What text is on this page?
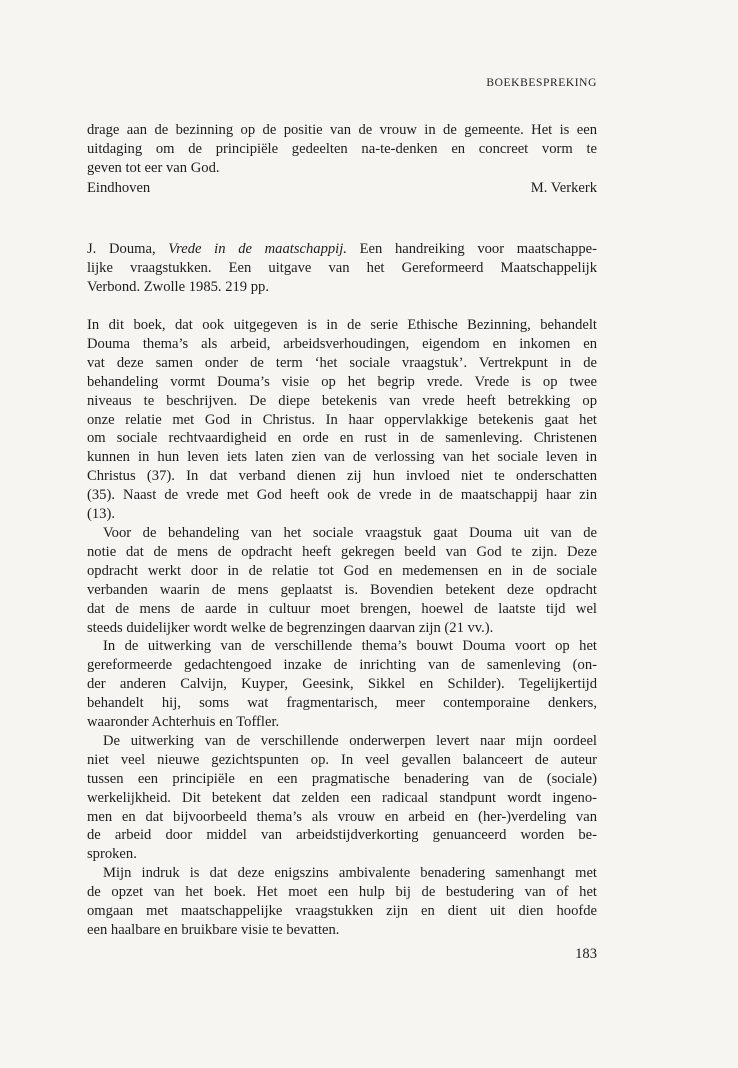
BOEKBESPREKING
drage aan de bezinning op de positie van de vrouw in de gemeente. Het is een
uitdaging om de principiële gedeelten na-te-denken en concreet vorm te
geven tot eer van God.
Eindhoven	M. Verkerk
J. Douma, Vrede in de maatschappij. Een handreiking voor maatschappe-
lijke vraagstukken. Een uitgave van het Gereformeerd Maatschappelijk
Verbond. Zwolle 1985. 219 pp.
In dit boek, dat ook uitgegeven is in de serie Ethische Bezinning, behandelt
Douma thema’s als arbeid, arbeidsverhoudingen, eigendom en inkomen en
vat deze samen onder de term ‘het sociale vraagstuk’. Vertrekpunt in de
behandeling vormt Douma’s visie op het begrip vrede. Vrede is op twee
niveaus te beschrijven. De diepe betekenis van vrede heeft betrekking op
onze relatie met God in Christus. In haar oppervlakkige betekenis gaat het
om sociale rechtvaardigheid en orde en rust in de samenleving. Christenen
kunnen in hun leven iets laten zien van de verlossing van het sociale leven in
Christus (37). In dat verband dienen zij hun invloed niet te onderschatten
(35). Naast de vrede met God heeft ook de vrede in de maatschappij haar zin
(13).
Voor de behandeling van het sociale vraagstuk gaat Douma uit van de
notie dat de mens de opdracht heeft gekregen beeld van God te zijn. Deze
opdracht werkt door in de relatie tot God en medemensen en in de sociale
verbanden waarin de mens geplaatst is. Bovendien betekent deze opdracht
dat de mens de aarde in cultuur moet brengen, hoewel de laatste tijd wel
steeds duidelijker wordt welke de begrenzingen daarvan zijn (21 vv.).
In de uitwerking van de verschillende thema’s bouwt Douma voort op het
gereformeerde gedachtengoed inzake de inrichting van de samenleving (on-
der anderen Calvijn, Kuyper, Geesink, Sikkel en Schilder). Tegelijkertijd
behandelt hij, soms wat fragmentarisch, meer contemporaine denkers,
waaronder Achterhuis en Toffler.
De uitwerking van de verschillende onderwerpen levert naar mijn oordeel
niet veel nieuwe gezichtspunten op. In veel gevallen balanceert de auteur
tussen een principiële en een pragmatische benadering van de (sociale)
werkelijkheid. Dit betekent dat zelden een radicaal standpunt wordt ingeno-
men en dat bijvoorbeeld thema’s als vrouw en arbeid en (her-)verdeling van
de arbeid door middel van arbeidstijdverkorting genuanceerd worden be-
sproken.
Mijn indruk is dat deze enigszins ambivalente benadering samenhangt met
de opzet van het boek. Het moet een hulp bij de bestudering van of het
omgaan met maatschappelijke vraagstukken zijn en dient uit dien hoofde
een haalbare en bruikbare visie te bevatten.
183
